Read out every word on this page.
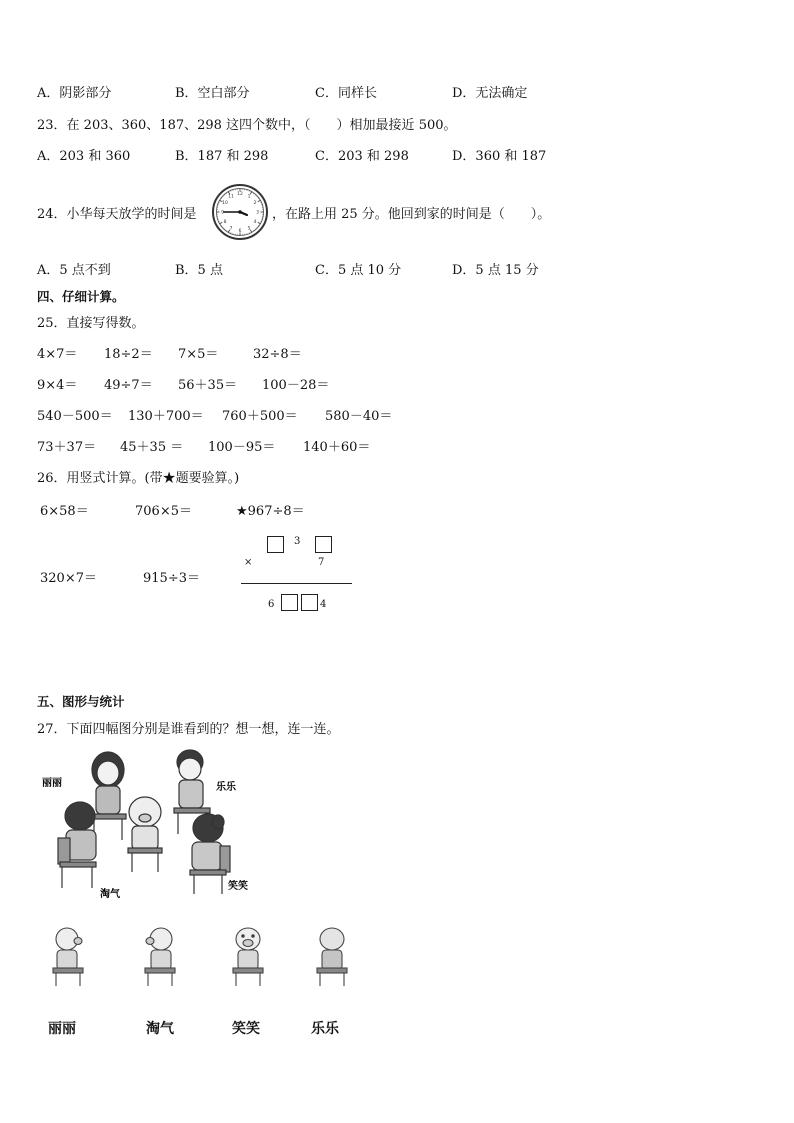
A．阴影部分	B．空白部分	C．同样长	D．无法确定
23．在 203、360、187、298 这四个数中，（　　）相加最接近 500。
A．203 和 360	B．187 和 298	C．203 和 298	D．360 和 187
24．小华每天放学的时间是
12
3
6
9
1
2
4
5
7
8
10
11
，在路上用 25 分。他回到家的时间是（　　）。
A．5 点不到	B．5 点	C．5 点 10 分	D．5 点 15 分
四、仔细计算。
25．直接写得数。
4×7＝ 18÷2＝ 7×5＝	32÷8＝
9×4＝ 49÷7＝ 56＋35＝ 100－28＝
540－500＝ 130＋700＝ 760＋500＝ 580－40＝
73＋37＝ 45＋35 ＝ 100－95＝ 140＋60＝
26．用竖式计算。(带★题要验算。)
6×58＝	706×5＝	★967÷8＝
320×7＝	915÷3＝
3
×	7
6	4
五、图形与统计
27．下面四幅图分别是谁看到的？想一想，连一连。
丽丽	乐乐
淘气
笑笑
丽丽	淘气	笑笑	乐乐
